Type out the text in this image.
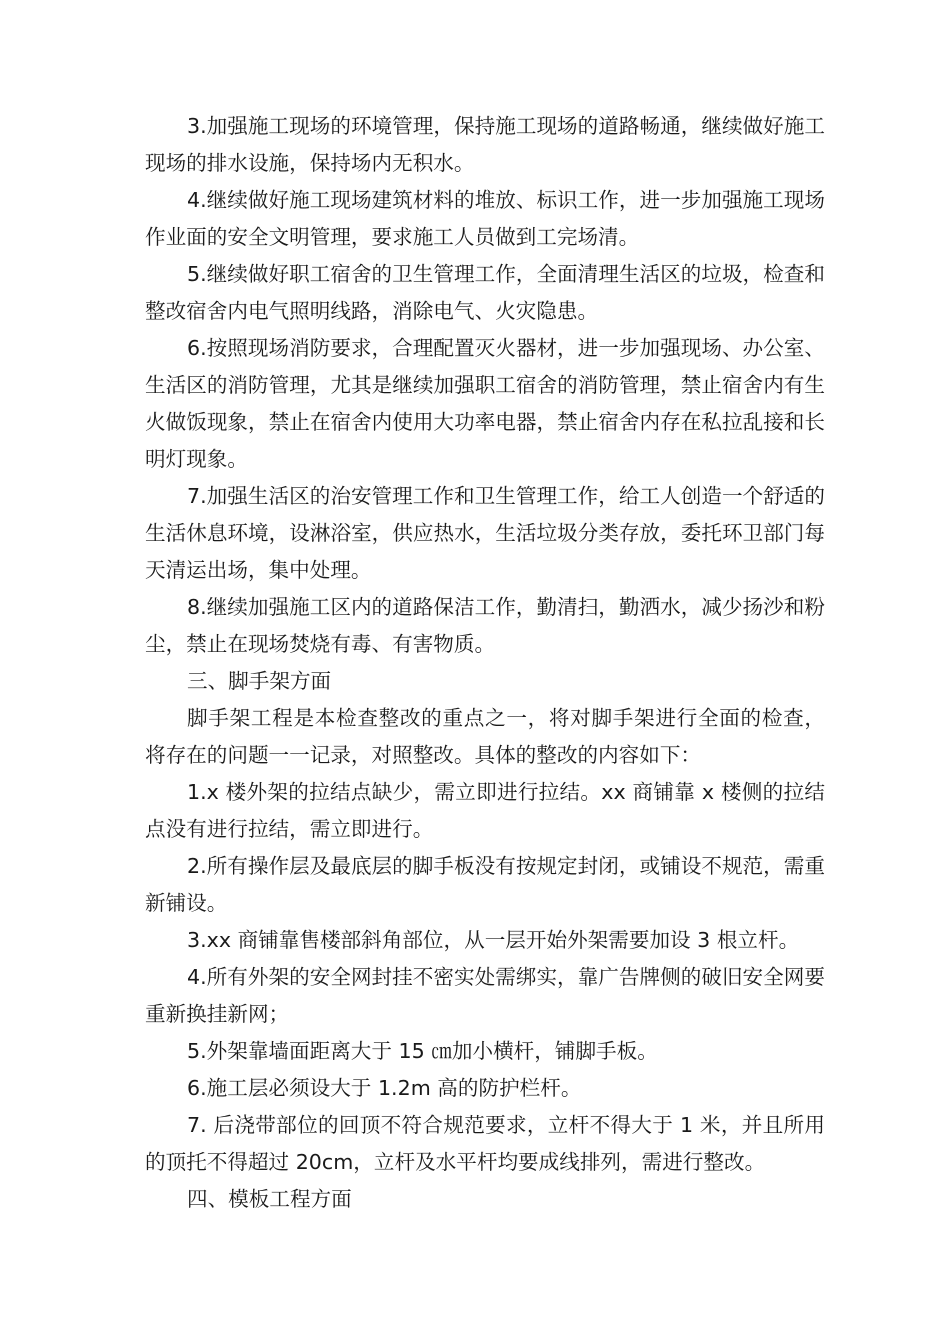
3.加强施工现场的环境管理，保持施工现场的道路畅通，继续做好施工现场的排水设施，保持场内无积水。

4.继续做好施工现场建筑材料的堆放、标识工作，进一步加强施工现场作业面的安全文明管理，要求施工人员做到工完场清。

5.继续做好职工宿舍的卫生管理工作，全面清理生活区的垃圾，检查和整改宿舍内电气照明线路，消除电气、火灾隐患。

6.按照现场消防要求，合理配置灭火器材，进一步加强现场、办公室、生活区的消防管理，尤其是继续加强职工宿舍的消防管理，禁止宿舍内有生火做饭现象，禁止在宿舍内使用大功率电器，禁止宿舍内存在私拉乱接和长明灯现象。

7.加强生活区的治安管理工作和卫生管理工作，给工人创造一个舒适的生活休息环境，设淋浴室，供应热水，生活垃圾分类存放，委托环卫部门每天清运出场，集中处理。

8.继续加强施工区内的道路保洁工作，勤清扫，勤洒水，减少扬沙和粉尘，禁止在现场焚烧有毒、有害物质。

三、脚手架方面

脚手架工程是本检查整改的重点之一，将对脚手架进行全面的检查，将存在的问题一一记录，对照整改。具体的整改的内容如下：

1.x 楼外架的拉结点缺少，需立即进行拉结。xx 商铺靠 x 楼侧的拉结点没有进行拉结，需立即进行。

2.所有操作层及最底层的脚手板没有按规定封闭，或铺设不规范，需重新铺设。

3.xx 商铺靠售楼部斜角部位，从一层开始外架需要加设 3 根立杆。

4.所有外架的安全网封挂不密实处需绑实，靠广告牌侧的破旧安全网要重新换挂新网；

5.外架靠墙面距离大于 15 ㎝加小横杆，铺脚手板。

6.施工层必须设大于 1.2m 高的防护栏杆。

7. 后浇带部位的回顶不符合规范要求，立杆不得大于 1 米，并且所用的顶托不得超过 20cm，立杆及水平杆均要成线排列，需进行整改。

四、模板工程方面
